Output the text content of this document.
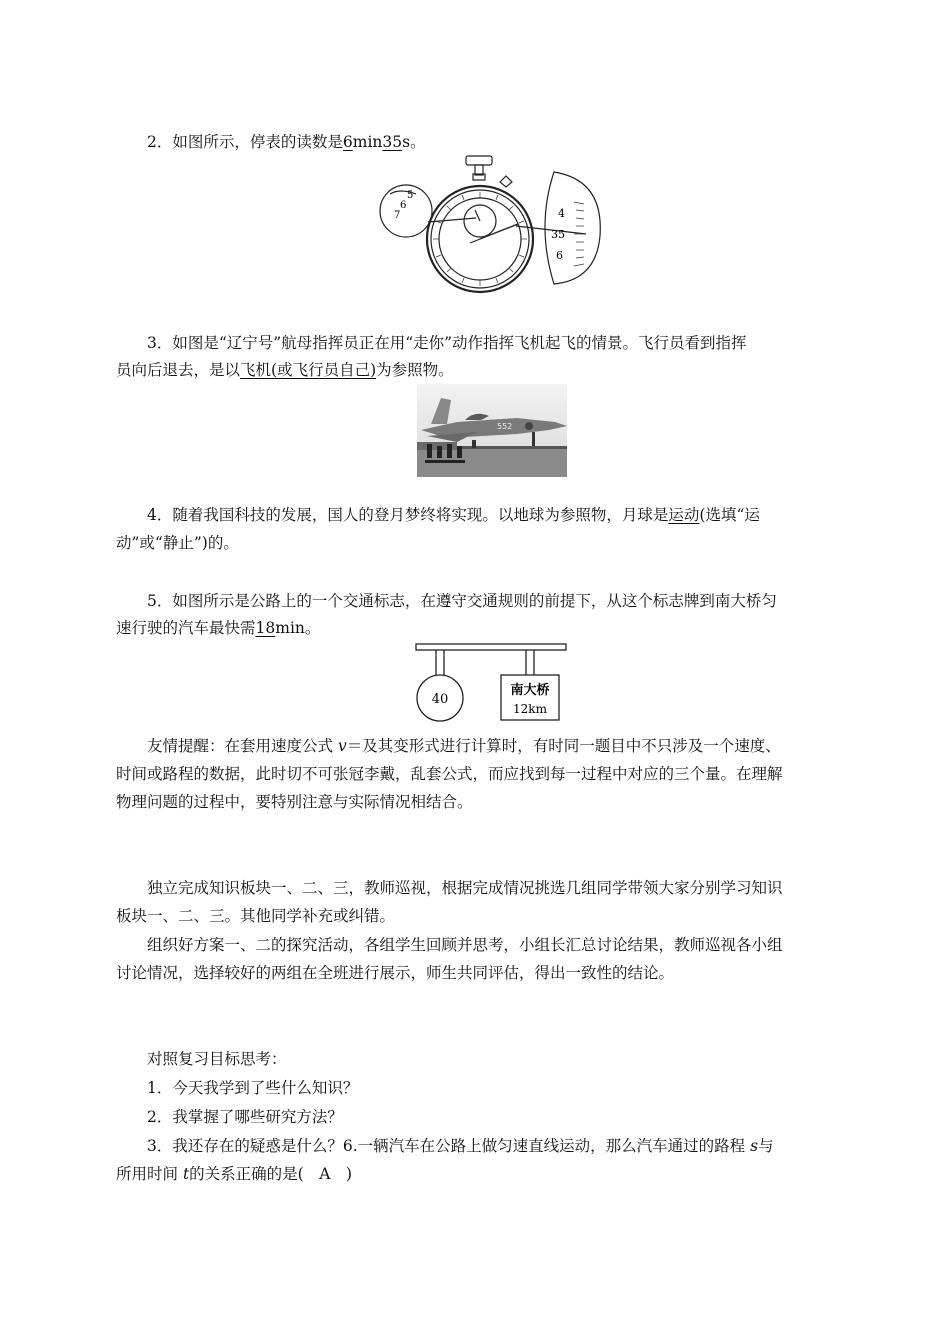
2．如图所示，停表的读数是6min35s。
5
6
7	4
35
6
3．如图是“辽宁号”航母指挥员正在用“走你”动作指挥飞机起飞的情景。飞行员看到指挥
员向后退去，是以飞机(或飞行员自己)为参照物。
552
4．随着我国科技的发展，国人的登月梦终将实现。以地球为参照物，月球是运动(选填“运
动”或“静止”)的。
5．如图所示是公路上的一个交通标志，在遵守交通规则的前提下，从这个标志牌到南大桥匀
速行驶的汽车最快需18min。
40
南大桥
12km
友情提醒：在套用速度公式 v＝及其变形式进行计算时，有时同一题目中不只涉及一个速度、
时间或路程的数据，此时切不可张冠李戴，乱套公式，而应找到每一过程中对应的三个量。在理解
物理问题的过程中，要特别注意与实际情况相结合。
独立完成知识板块一、二、三，教师巡视，根据完成情况挑选几组同学带领大家分别学习知识
板块一、二、三。其他同学补充或纠错。
组织好方案一、二的探究活动，各组学生回顾并思考，小组长汇总讨论结果，教师巡视各小组
讨论情况，选择较好的两组在全班进行展示，师生共同评估，得出一致性的结论。
对照复习目标思考：
1．今天我学到了些什么知识？
2．我掌握了哪些研究方法？
3．我还存在的疑惑是什么？6.一辆汽车在公路上做匀速直线运动，那么汽车通过的路程 s与
所用时间 t的关系正确的是(　A　)
